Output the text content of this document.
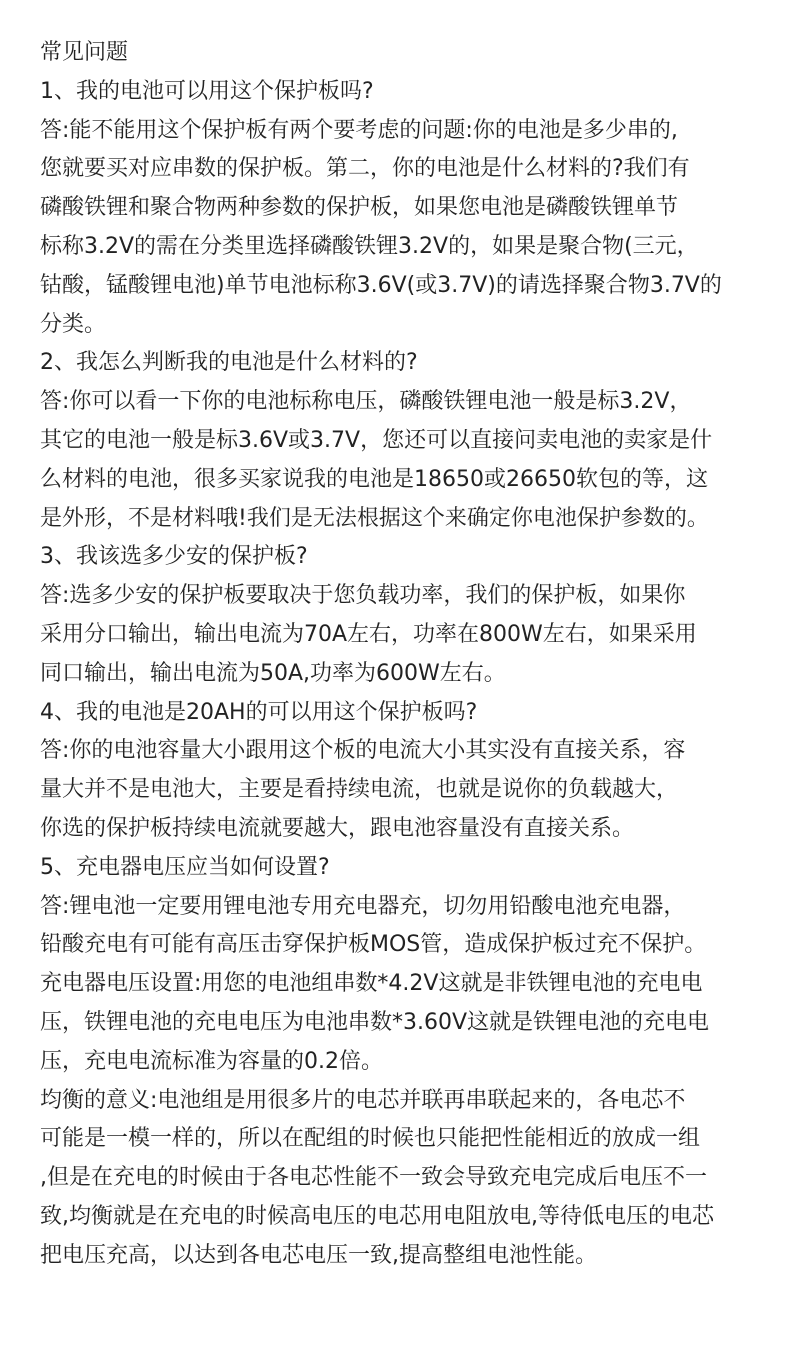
常见问题
1、我的电池可以用这个保护板吗?
答:能不能用这个保护板有两个要考虑的问题:你的电池是多少串的,
您就要买对应串数的保护板。第二，你的电池是什么材料的?我们有
磷酸铁锂和聚合物两种参数的保护板，如果您电池是磷酸铁锂单节
标称3.2V的需在分类里选择磷酸铁锂3.2V的，如果是聚合物(三元，
钴酸，锰酸锂电池)单节电池标称3.6V(或3.7V)的请选择聚合物3.7V的
分类。
2、我怎么判断我的电池是什么材料的?
答:你可以看一下你的电池标称电压，磷酸铁锂电池一般是标3.2V，
其它的电池一般是标3.6V或3.7V，您还可以直接问卖电池的卖家是什
么材料的电池，很多买家说我的电池是18650或26650软包的等，这
是外形，不是材料哦!我们是无法根据这个来确定你电池保护参数的。
3、我该选多少安的保护板?
答:选多少安的保护板要取决于您负载功率，我们的保护板，如果你
采用分口输出，输出电流为70A左右，功率在800W左右，如果采用
同口输出，输出电流为50A,功率为600W左右。
4、我的电池是20AH的可以用这个保护板吗?
答:你的电池容量大小跟用这个板的电流大小其实没有直接关系，容
量大并不是电池大，主要是看持续电流，也就是说你的负载越大，
你选的保护板持续电流就要越大，跟电池容量没有直接关系。
5、充电器电压应当如何设置?
答:锂电池一定要用锂电池专用充电器充，切勿用铅酸电池充电器，
铅酸充电有可能有高压击穿保护板MOS管，造成保护板过充不保护。
充电器电压设置:用您的电池组串数*4.2V这就是非铁锂电池的充电电
压，铁锂电池的充电电压为电池串数*3.60V这就是铁锂电池的充电电
压，充电电流标准为容量的0.2倍。
均衡的意义:电池组是用很多片的电芯并联再串联起来的，各电芯不
可能是一模一样的，所以在配组的时候也只能把性能相近的放成一组
,但是在充电的时候由于各电芯性能不一致会导致充电完成后电压不一
致,均衡就是在充电的时候高电压的电芯用电阻放电,等待低电压的电芯
把电压充高，以达到各电芯电压一致,提高整组电池性能。
